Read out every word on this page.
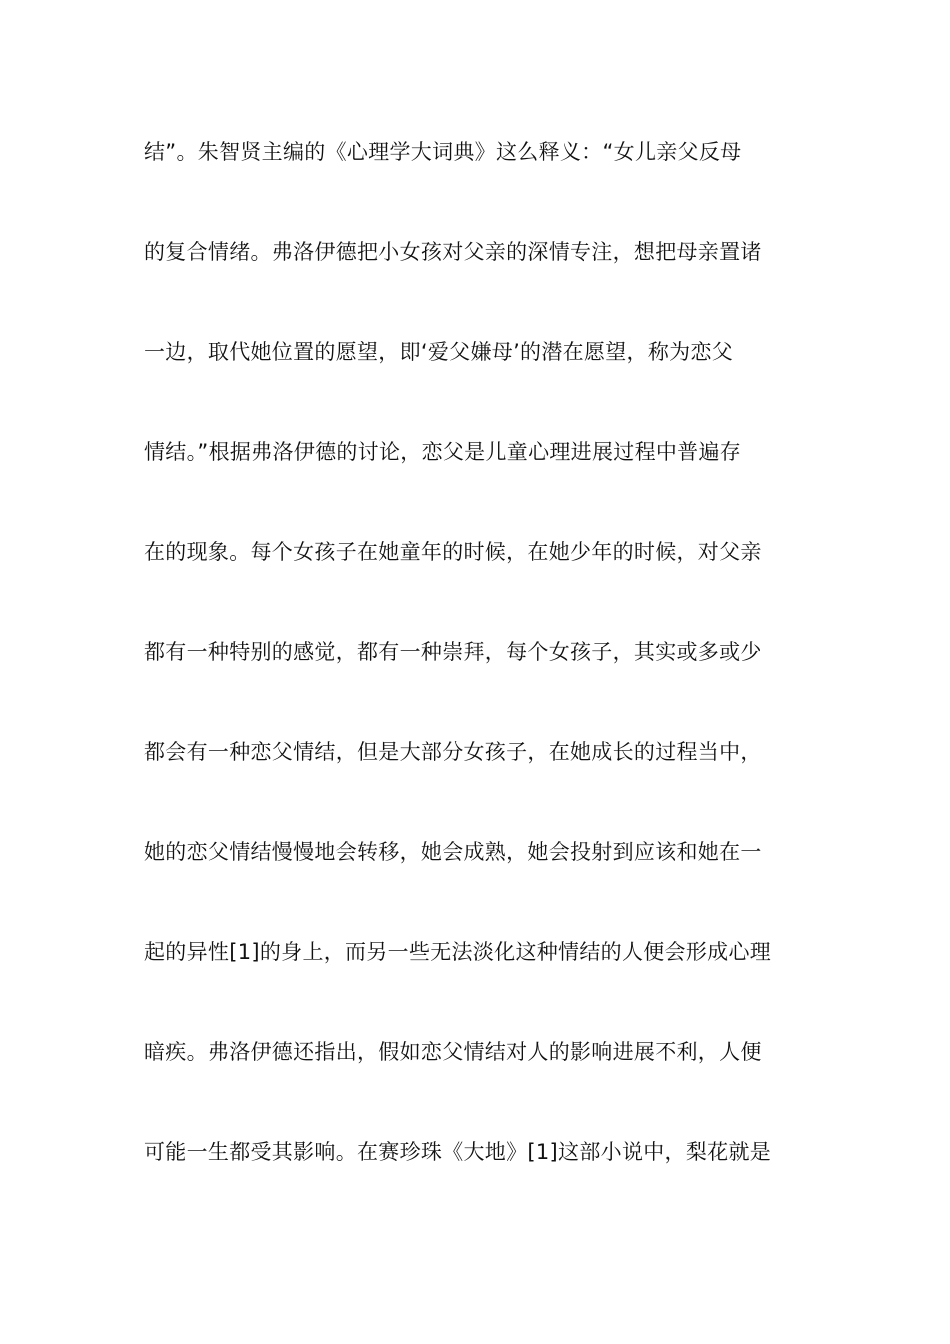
结”。朱智贤主编的《心理学大词典》这么释义：“女儿亲父反母
的复合情绪。弗洛伊德把小女孩对父亲的深情专注，想把母亲置诸
一边，取代她位置的愿望，即‘爱父嫌母’的潜在愿望，称为恋父
情结。”根据弗洛伊德的讨论，恋父是儿童心理进展过程中普遍存
在的现象。每个女孩子在她童年的时候，在她少年的时候，对父亲
都有一种特别的感觉，都有一种崇拜，每个女孩子，其实或多或少
都会有一种恋父情结，但是大部分女孩子，在她成长的过程当中，
她的恋父情结慢慢地会转移，她会成熟，她会投射到应该和她在一
起的异性[1]的身上，而另一些无法淡化这种情结的人便会形成心理
暗疾。弗洛伊德还指出，假如恋父情结对人的影响进展不利，人便
可能一生都受其影响。在赛珍珠《大地》[1]这部小说中，梨花就是
